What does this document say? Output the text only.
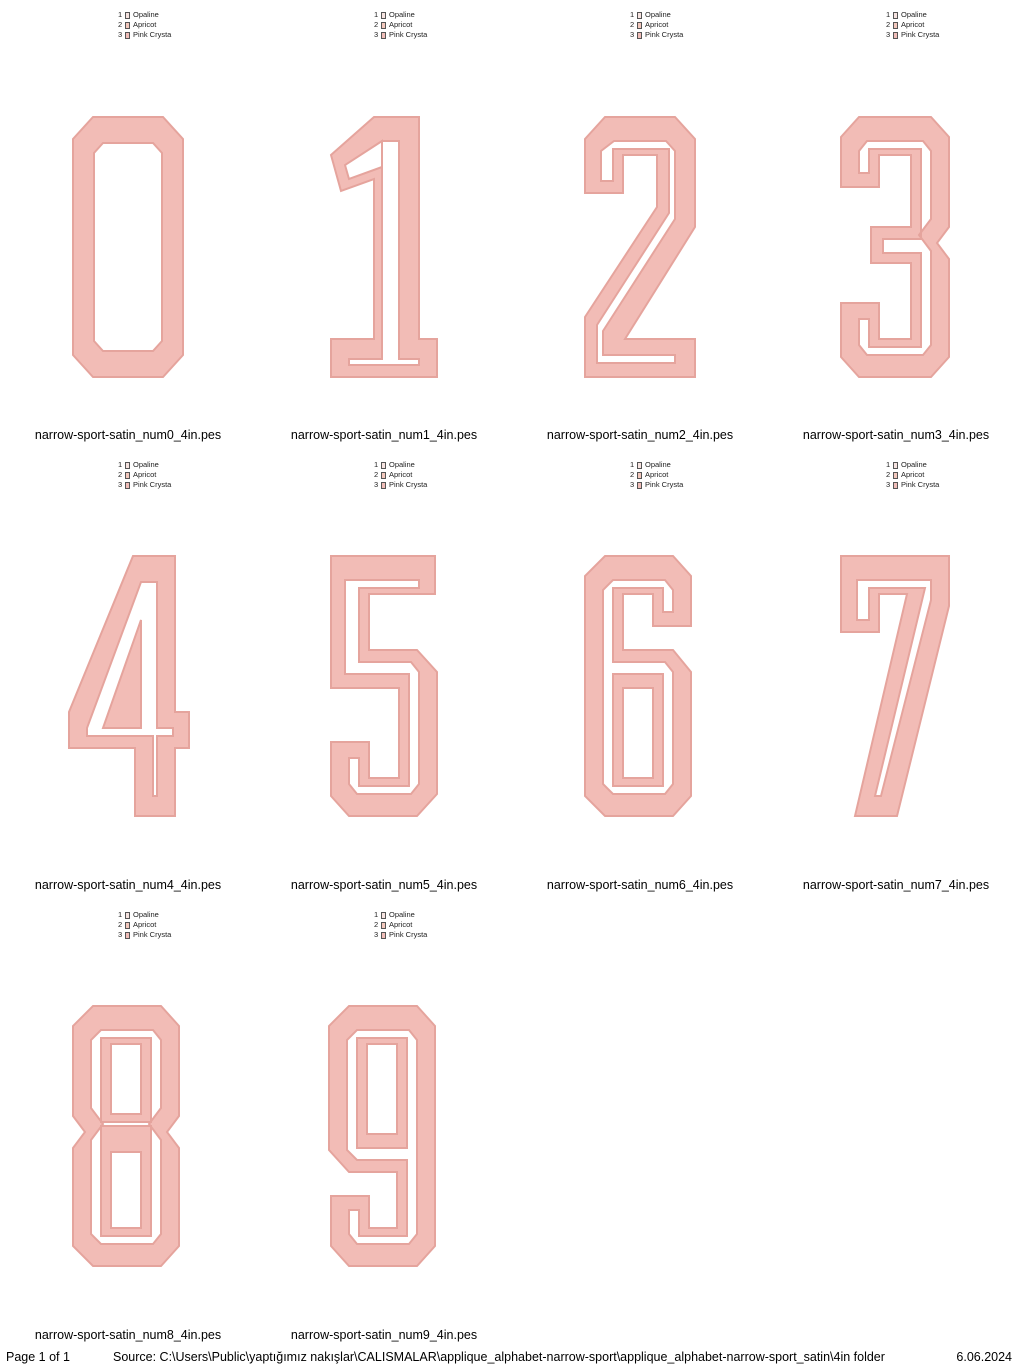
1	Opaline
2	Apricot
3	Pink Crysta
narrow-sport-satin_num0_4in.pes
1	Opaline
2	Apricot
3	Pink Crysta
narrow-sport-satin_num1_4in.pes
1	Opaline
2	Apricot
3	Pink Crysta
narrow-sport-satin_num2_4in.pes
1	Opaline
2	Apricot
3	Pink Crysta
narrow-sport-satin_num3_4in.pes
1	Opaline
2	Apricot
3	Pink Crysta
narrow-sport-satin_num4_4in.pes
1	Opaline
2	Apricot
3	Pink Crysta
narrow-sport-satin_num5_4in.pes
1	Opaline
2	Apricot
3	Pink Crysta
narrow-sport-satin_num6_4in.pes
1	Opaline
2	Apricot
3	Pink Crysta
narrow-sport-satin_num7_4in.pes
1	Opaline
2	Apricot
3	Pink Crysta
narrow-sport-satin_num8_4in.pes
1	Opaline
2	Apricot
3	Pink Crysta
narrow-sport-satin_num9_4in.pes
Page 1 of 1	Source: C:\Users\Public\yaptığımız nakışlar\CALISMALAR\applique_alphabet-narrow-sport\applique_alphabet-narrow-sport_satin\4in folder	6.06.2024
